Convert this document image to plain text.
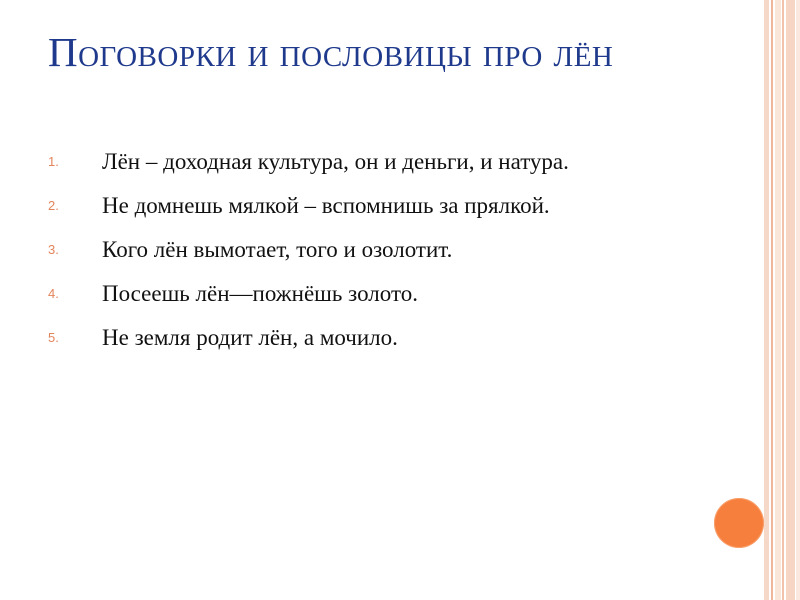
Поговорки и пословицы про лён
1.	Лён – доходная культура, он и деньги, и натура.
2.	Не домнешь мялкой – вспомнишь за прялкой.
3.	Кого лён вымотает, того и озолотит.
4.	Посеешь лён—пожнёшь золото.
5.	Не земля родит лён, а мочило.
